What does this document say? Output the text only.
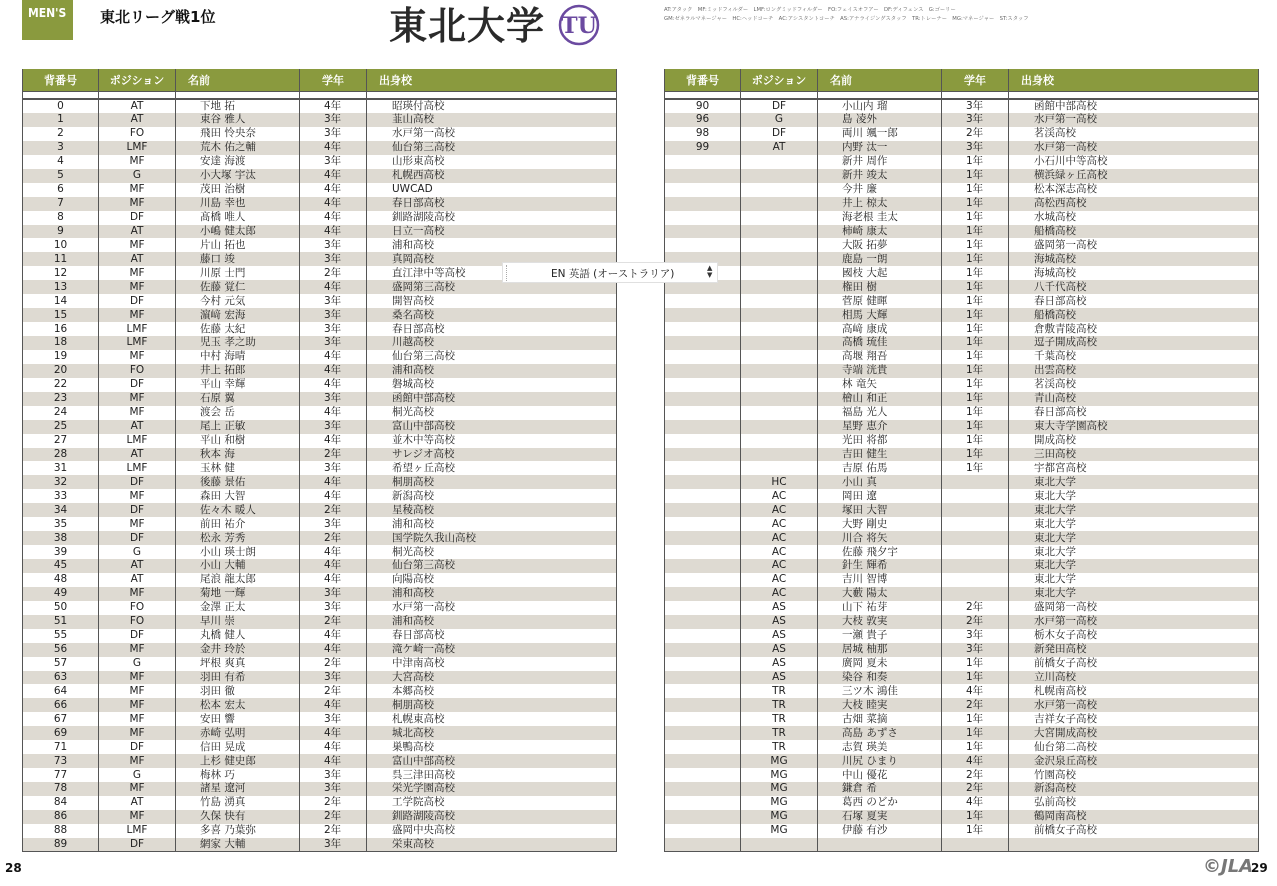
MEN'S	東北リーグ戦1位	東北大学 TU
AT:アタック　MF:ミッドフィルダー　LMF:ロングミッドフィルダー　FO:フェイスオフアー　DF:ディフェンス　G:ゴーリー
GM:ゼネラルマネージャー　HC:ヘッドコーチ　AC:アシスタントコーチ　AS:アナライジングスタッフ　TR:トレーナー　MG:マネージャー　ST:スタッフ
背番号	ポジション	名前	学年	出身校

0	AT	下地 拓	4年	昭瑛付高校
1	AT	東谷 雅人	3年	韮山高校
2	FO	飛田 怜央奈	3年	水戸第一高校
3	LMF	荒木 佑之輔	4年	仙台第三高校
4	MF	安達 海渡	3年	山形東高校
5	G	小大塚 宇汰	4年	札幌西高校
6	MF	茂田 治樹	4年	UWCAD
7	MF	川島 幸也	4年	春日部高校
8	DF	髙橋 唯人	4年	釧路湖陵高校
9	AT	小嶋 健太郎	4年	日立一高校
10	MF	片山 拓也	3年	浦和高校
11	AT	藤口 竣	3年	真岡高校
12	MF	川原 士門	2年	直江津中等高校
13	MF	佐藤 覚仁	4年	盛岡第三高校
14	DF	今村 元気	3年	開智高校
15	MF	濵﨑 宏海	3年	桑名高校
16	LMF	佐藤 太紀	3年	春日部高校
18	LMF	児玉 孝之助	3年	川越高校
19	MF	中村 海晴	4年	仙台第三高校
20	FO	井上 拓郎	4年	浦和高校
22	DF	平山 幸輝	4年	磐城高校
23	MF	石原 翼	3年	函館中部高校
24	MF	渡会 岳	4年	桐光高校
25	AT	尾上 正敏	3年	富山中部高校
27	LMF	平山 和樹	4年	並木中等高校
28	AT	秋本 海	2年	サレジオ高校
31	LMF	玉林 健	3年	希望ヶ丘高校
32	DF	後藤 景佑	4年	桐朋高校
33	MF	森田 大智	4年	新潟高校
34	DF	佐々木 暖人	2年	星稜高校
35	MF	前田 祐介	3年	浦和高校
38	DF	松永 芳秀	2年	国学院久我山高校
39	G	小山 瑛士朗	4年	桐光高校
45	AT	小山 大輔	4年	仙台第三高校
48	AT	尾浪 龍太郎	4年	向陽高校
49	MF	菊地 一輝	3年	浦和高校
50	FO	金澤 正太	3年	水戸第一高校
51	FO	早川 崇	2年	浦和高校
55	DF	丸橋 健人	4年	春日部高校
56	MF	金井 玲於	4年	滝ケ崎一高校
57	G	坪根 爽真	2年	中津南高校
63	MF	羽田 有希	3年	大宮高校
64	MF	羽田 徹	2年	本郷高校
66	MF	松本 宏太	4年	桐朋高校
67	MF	安田 響	3年	札幌東高校
69	MF	赤崎 弘明	4年	城北高校
71	DF	信田 晃成	4年	巣鴨高校
73	MF	上杉 健史郎	4年	富山中部高校
77	G	梅林 巧	3年	呉三津田高校
78	MF	諸星 遼河	3年	栄光学園高校
84	AT	竹島 湧真	2年	工学院高校
86	MF	久保 快有	2年	釧路湖陵高校
88	LMF	多喜 乃葉弥	2年	盛岡中央高校
89	DF	網家 大輔	3年	栄東高校
背番号	ポジション	名前	学年	出身校

90	DF	小山内 瑠	3年	函館中部高校
96	G	島 凌外	3年	水戸第一高校
98	DF	両川 颯一郎	2年	茗渓高校
99	AT	内野 汰一	3年	水戸第一高校
		新井 周作	1年	小石川中等高校
		新井 竣太	1年	横浜緑ヶ丘高校
		今井 廉	1年	松本深志高校
		井上 椋太	1年	高松西高校
		海老根 圭太	1年	水城高校
		柿崎 康太	1年	船橋高校
		大阪 拓夢	1年	盛岡第一高校
		鹿島 一朗	1年	海城高校
		國枝 大起	1年	海城高校
		権田 樹	1年	八千代高校
		菅原 健暉	1年	春日部高校
		相馬 大輝	1年	船橋高校
		高﨑 康成	1年	倉敷青陵高校
		高橋 琉佳	1年	逗子開成高校
		高堰 翔吾	1年	千葉高校
		寺端 洸貴	1年	出雲高校
		林 竜矢	1年	茗渓高校
		檜山 和正	1年	青山高校
		福島 光人	1年	春日部高校
		星野 恵介	1年	東大寺学園高校
		光田 将都	1年	開成高校
		吉田 健生	1年	三田高校
		吉原 佑馬	1年	宇都宮高校
	HC	小山 真		東北大学
	AC	岡田 遼		東北大学
	AC	塚田 大智		東北大学
	AC	大野 剛史		東北大学
	AC	川合 将矢		東北大学
	AC	佐藤 飛夕宇		東北大学
	AC	針生 輝希		東北大学
	AC	吉川 智博		東北大学
	AC	大藪 陽太		東北大学
	AS	山下 祐芽	2年	盛岡第一高校
	AS	大枝 敦実	2年	水戸第一高校
	AS	一瀬 貴子	3年	栃木女子高校
	AS	居城 柚那	3年	新発田高校
	AS	廣岡 夏未	1年	前橋女子高校
	AS	染谷 和奏	1年	立川高校
	TR	三ツ木 鴻佳	4年	札幌南高校
	TR	大枝 睦実	2年	水戸第一高校
	TR	古畑 菜摘	1年	吉祥女子高校
	TR	高島 あずさ	1年	大宮開成高校
	TR	志賀 瑛美	1年	仙台第二高校
	MG	川尻 ひまり	4年	金沢泉丘高校
	MG	中山 優花	2年	竹園高校
	MG	鎌倉 希	2年	新潟高校
	MG	葛西 のどか	4年	弘前高校
	MG	石塚 夏実	1年	鶴岡南高校
	MG	伊藤 有沙	1年	前橋女子高校

28	29
©JLA
EN 英語 (オーストラリア)	▲
▼
